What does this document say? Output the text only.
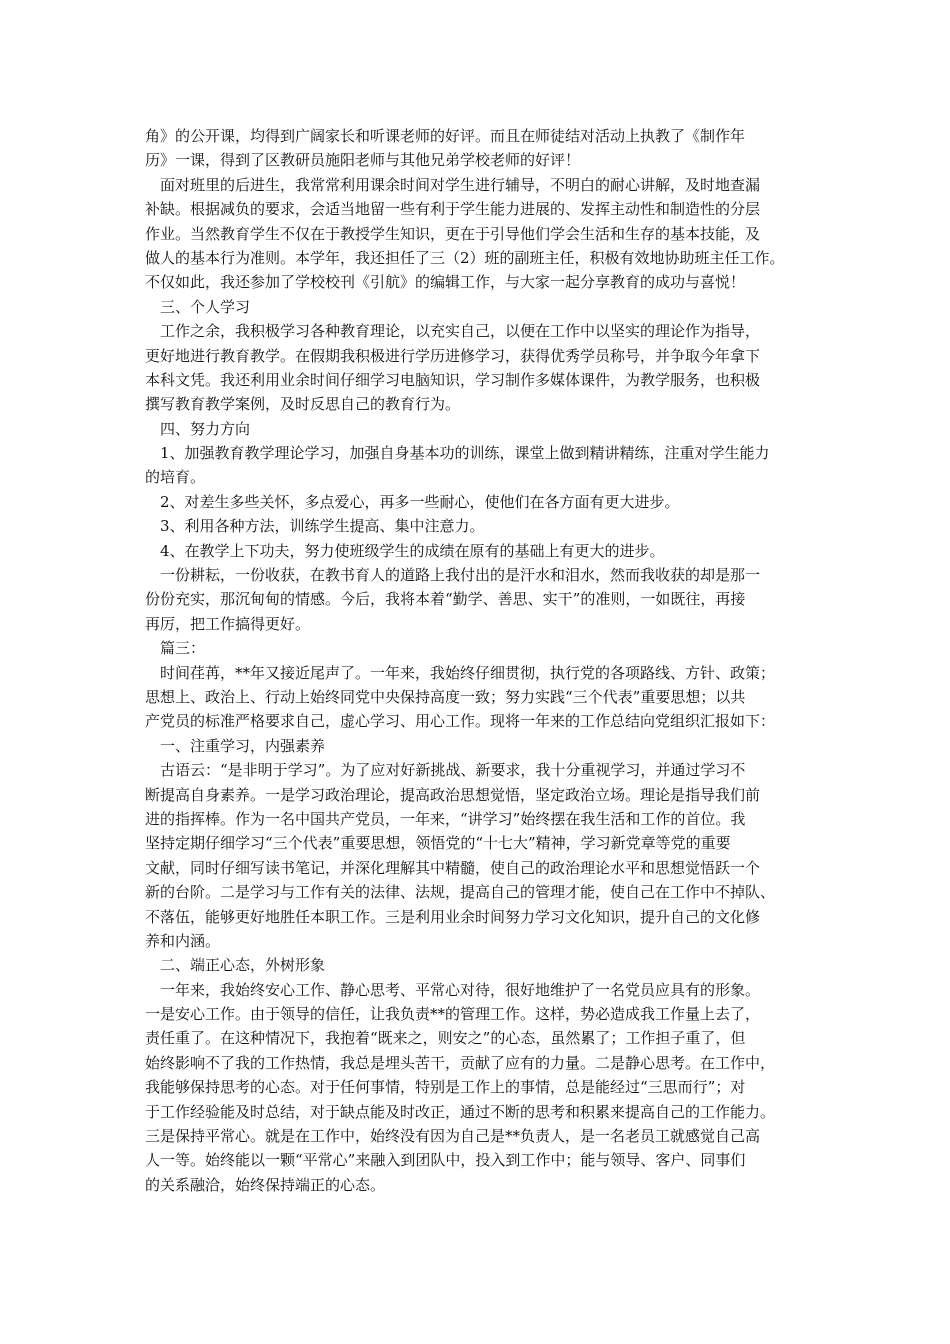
角》的公开课，均得到广阔家长和听课老师的好评。而且在师徒结对活动上执教了《制作年
历》一课，得到了区教研员施阳老师与其他兄弟学校老师的好评！
面对班里的后进生，我常常利用课余时间对学生进行辅导，不明白的耐心讲解，及时地查漏
补缺。根据减负的要求，会适当地留一些有利于学生能力进展的、发挥主动性和制造性的分层
作业。当然教育学生不仅在于教授学生知识，更在于引导他们学会生活和生存的基本技能，及
做人的基本行为准则。本学年，我还担任了三（2）班的副班主任，积极有效地协助班主任工作。
不仅如此，我还参加了学校校刊《引航》的编辑工作，与大家一起分享教育的成功与喜悦！
三、个人学习
工作之余，我积极学习各种教育理论，以充实自己，以便在工作中以坚实的理论作为指导，
更好地进行教育教学。在假期我积极进行学历进修学习，获得优秀学员称号，并争取今年拿下
本科文凭。我还利用业余时间仔细学习电脑知识，学习制作多媒体课件，为教学服务，也积极
撰写教育教学案例，及时反思自己的教育行为。
四、努力方向
1、加强教育教学理论学习，加强自身基本功的训练，课堂上做到精讲精练，注重对学生能力
的培育。
2、对差生多些关怀，多点爱心，再多一些耐心，使他们在各方面有更大进步。
3、利用各种方法，训练学生提高、集中注意力。
4、在教学上下功夫，努力使班级学生的成绩在原有的基础上有更大的进步。
一份耕耘，一份收获，在教书育人的道路上我付出的是汗水和泪水，然而我收获的却是那一
份份充实，那沉甸甸的情感。今后，我将本着“勤学、善思、实干”的准则，一如既往，再接
再厉，把工作搞得更好。
篇三：
时间荏苒，**年又接近尾声了。一年来，我始终仔细贯彻，执行党的各项路线、方针、政策；
思想上、政治上、行动上始终同党中央保持高度一致；努力实践“三个代表”重要思想；以共
产党员的标准严格要求自己，虚心学习、用心工作。现将一年来的工作总结向党组织汇报如下：
一、注重学习，内强素养
古语云：“是非明于学习”。为了应对好新挑战、新要求，我十分重视学习，并通过学习不
断提高自身素养。一是学习政治理论，提高政治思想觉悟，坚定政治立场。理论是指导我们前
进的指挥棒。作为一名中国共产党员，一年来，“讲学习”始终摆在我生活和工作的首位。我
坚持定期仔细学习“三个代表”重要思想，领悟党的“十七大”精神，学习新党章等党的重要
文献，同时仔细写读书笔记，并深化理解其中精髓，使自己的政治理论水平和思想觉悟跃一个
新的台阶。二是学习与工作有关的法律、法规，提高自己的管理才能，使自己在工作中不掉队、
不落伍，能够更好地胜任本职工作。三是利用业余时间努力学习文化知识，提升自己的文化修
养和内涵。
二、端正心态，外树形象
一年来，我始终安心工作、静心思考、平常心对待，很好地维护了一名党员应具有的形象。
一是安心工作。由于领导的信任，让我负责**的管理工作。这样，势必造成我工作量上去了，
责任重了。在这种情况下，我抱着“既来之，则安之”的心态，虽然累了；工作担子重了，但
始终影响不了我的工作热情，我总是埋头苦干，贡献了应有的力量。二是静心思考。在工作中，
我能够保持思考的心态。对于任何事情，特别是工作上的事情，总是能经过“三思而行”；对
于工作经验能及时总结，对于缺点能及时改正，通过不断的思考和积累来提高自己的工作能力。
三是保持平常心。就是在工作中，始终没有因为自己是**负责人，是一名老员工就感觉自己高
人一等。始终能以一颗“平常心”来融入到团队中，投入到工作中；能与领导、客户、同事们
的关系融洽，始终保持端正的心态。
